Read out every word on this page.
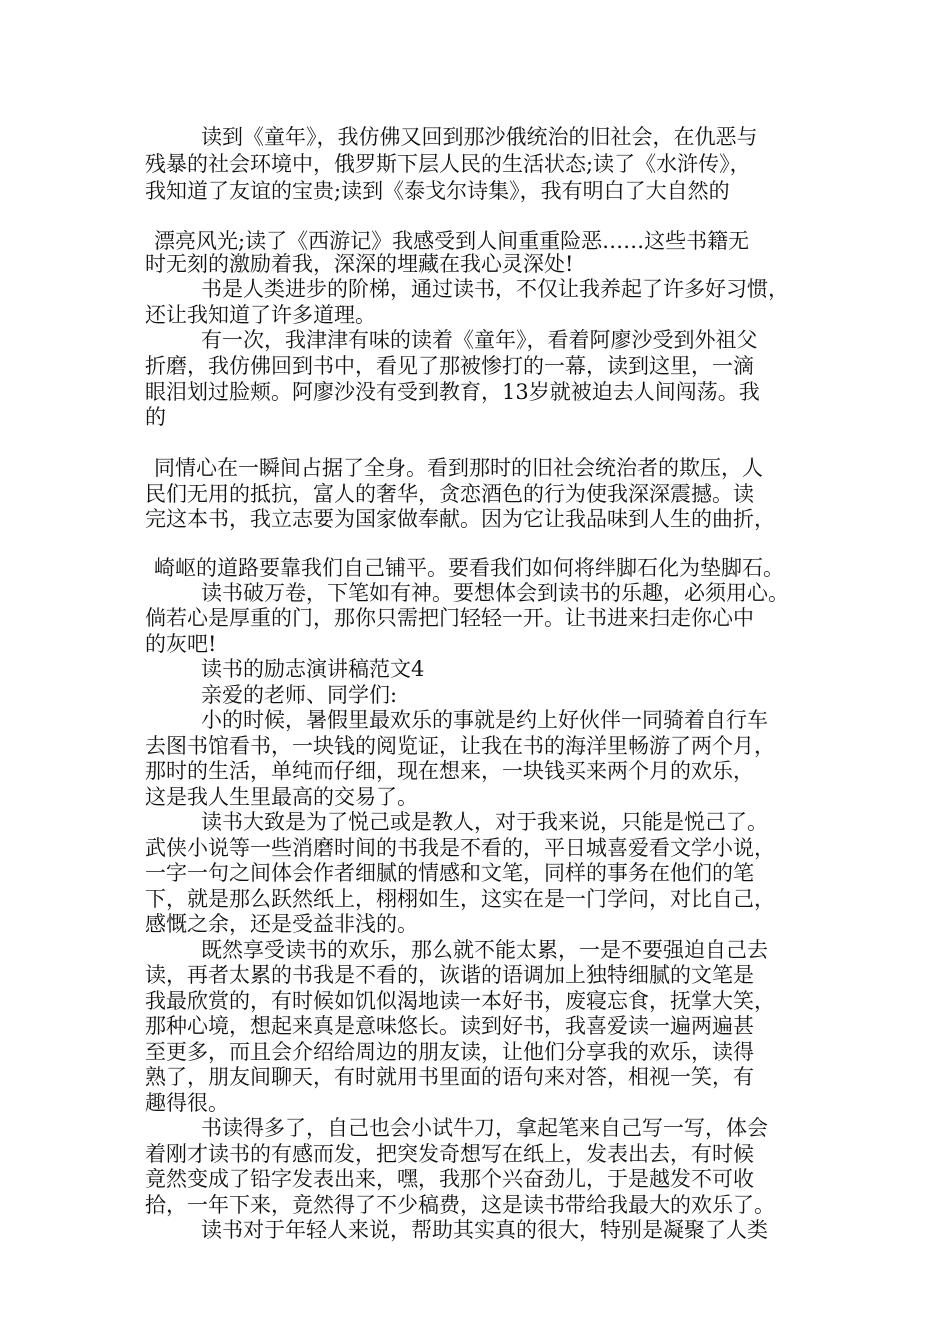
读到《童年》，我仿佛又回到那沙俄统治的旧社会，在仇恶与
残暴的社会环境中，俄罗斯下层人民的生活状态;读了《水浒传》，
我知道了友谊的宝贵;读到《泰戈尔诗集》，我有明白了大自然的
漂亮风光;读了《西游记》我感受到人间重重险恶……这些书籍无
时无刻的激励着我，深深的埋藏在我心灵深处!
书是人类进步的阶梯，通过读书，不仅让我养起了许多好习惯，
还让我知道了许多道理。
有一次，我津津有味的读着《童年》，看着阿廖沙受到外祖父
折磨，我仿佛回到书中，看见了那被惨打的一幕，读到这里，一滴
眼泪划过脸颊。阿廖沙没有受到教育，13岁就被迫去人间闯荡。我
的
同情心在一瞬间占据了全身。看到那时的旧社会统治者的欺压，人
民们无用的抵抗，富人的奢华，贪恋酒色的行为使我深深震撼。读
完这本书，我立志要为国家做奉献。因为它让我品味到人生的曲折，
崎岖的道路要靠我们自己铺平。要看我们如何将绊脚石化为垫脚石。
读书破万卷，下笔如有神。要想体会到读书的乐趣，必须用心。
倘若心是厚重的门，那你只需把门轻轻一开。让书进来扫走你心中
的灰吧!
读书的励志演讲稿范文4
亲爱的老师、同学们:
小的时候，暑假里最欢乐的事就是约上好伙伴一同骑着自行车
去图书馆看书，一块钱的阅览证，让我在书的海洋里畅游了两个月，
那时的生活，单纯而仔细，现在想来，一块钱买来两个月的欢乐，
这是我人生里最高的交易了。
读书大致是为了悦己或是教人，对于我来说，只能是悦己了。
武侠小说等一些消磨时间的书我是不看的，平日城喜爱看文学小说，
一字一句之间体会作者细腻的情感和文笔，同样的事务在他们的笔
下，就是那么跃然纸上，栩栩如生，这实在是一门学问，对比自己，
感慨之余，还是受益非浅的。
既然享受读书的欢乐，那么就不能太累，一是不要强迫自己去
读，再者太累的书我是不看的，诙谐的语调加上独特细腻的文笔是
我最欣赏的，有时候如饥似渴地读一本好书，废寝忘食，抚掌大笑，
那种心境，想起来真是意味悠长。读到好书，我喜爱读一遍两遍甚
至更多，而且会介绍给周边的朋友读，让他们分享我的欢乐，读得
熟了，朋友间聊天，有时就用书里面的语句来对答，相视一笑，有
趣得很。
书读得多了，自己也会小试牛刀，拿起笔来自己写一写，体会
着刚才读书的有感而发，把突发奇想写在纸上，发表出去，有时候
竟然变成了铅字发表出来，嘿，我那个兴奋劲儿，于是越发不可收
拾，一年下来，竟然得了不少稿费，这是读书带给我最大的欢乐了。
读书对于年轻人来说，帮助其实真的很大，特别是凝聚了人类
